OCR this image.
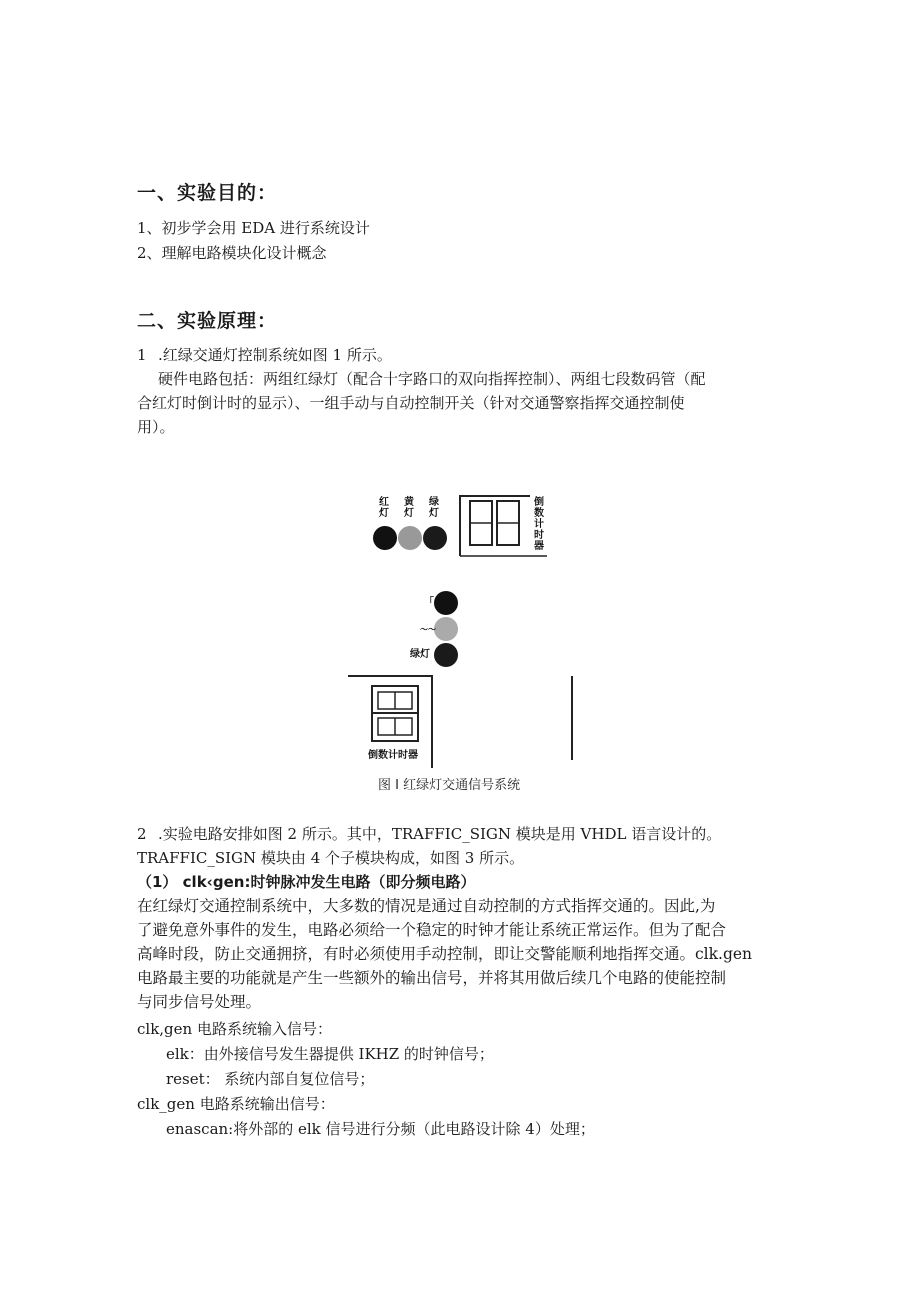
一、实验目的：
1、初步学会用 EDA 进行系统设计
2、理解电路模块化设计概念
二、实验原理：
1 .红绿交通灯控制系统如图 1 所示。
硬件电路包括：两组红绿灯（配合十字路口的双向指挥控制）、两组七段数码管（配
合红灯时倒计时的显示）、一组手动与自动控制开关（针对交通警察指挥交通控制使
用）。
红灯
黄灯
绿灯
倒数计时器
「
～～
绿灯
倒数计时器
图 I 红绿灯交通信号系统
2 .实验电路安排如图 2 所示。其中，TRAFFIC_SIGN 模块是用 VHDL 语言设计的。
TRAFFIC_SIGN 模块由 4 个子模块构成，如图 3 所示。
（1） clk‹gen:时钟脉冲发生电路（即分频电路）
在红绿灯交通控制系统中，大多数的情况是通过自动控制的方式指挥交通的。因此,为
了避免意外事件的发生，电路必须给一个稳定的时钟才能让系统正常运作。但为了配合
高峰时段，防止交通拥挤，有时必须使用手动控制，即让交警能顺利地指挥交通。clk.gen
电路最主要的功能就是产生一些额外的输出信号，并将其用做后续几个电路的使能控制
与同步信号处理。
clk,gen 电路系统输入信号：
elk：由外接信号发生器提供 IKHZ 的时钟信号；
reset： 系统内部自复位信号；
clk_gen 电路系统输出信号：
enascan:将外部的 elk 信号进行分频（此电路设计除 4）处理；
